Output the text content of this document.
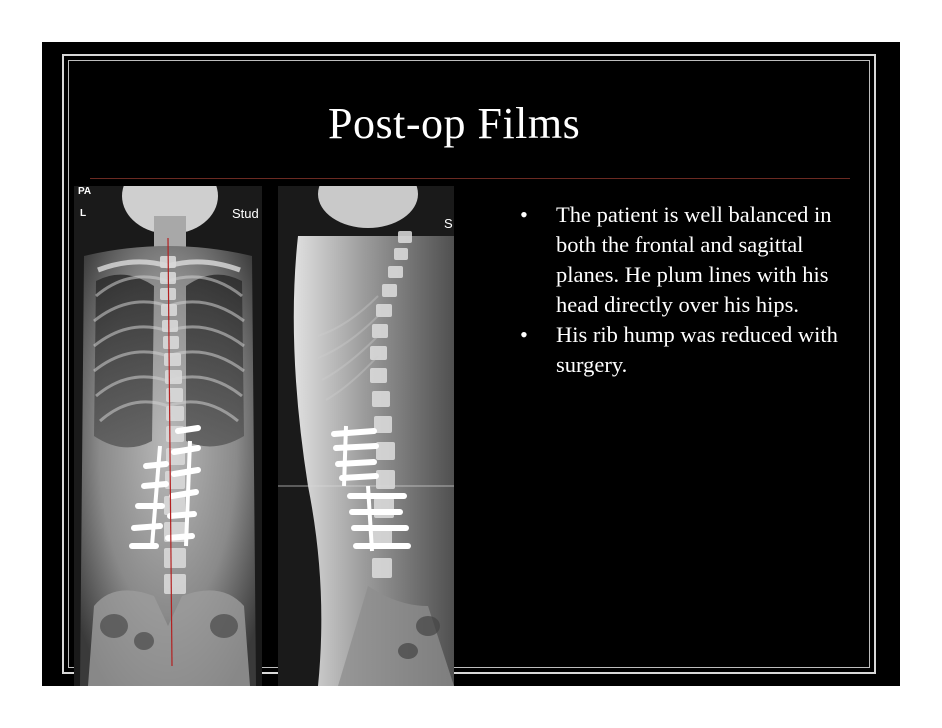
Post-op Films
PA
L	Stud
S	• The patient is well balanced in both the frontal and sagittal planes. He plum lines with his head directly over his hips.
• His rib hump was reduced with surgery.
